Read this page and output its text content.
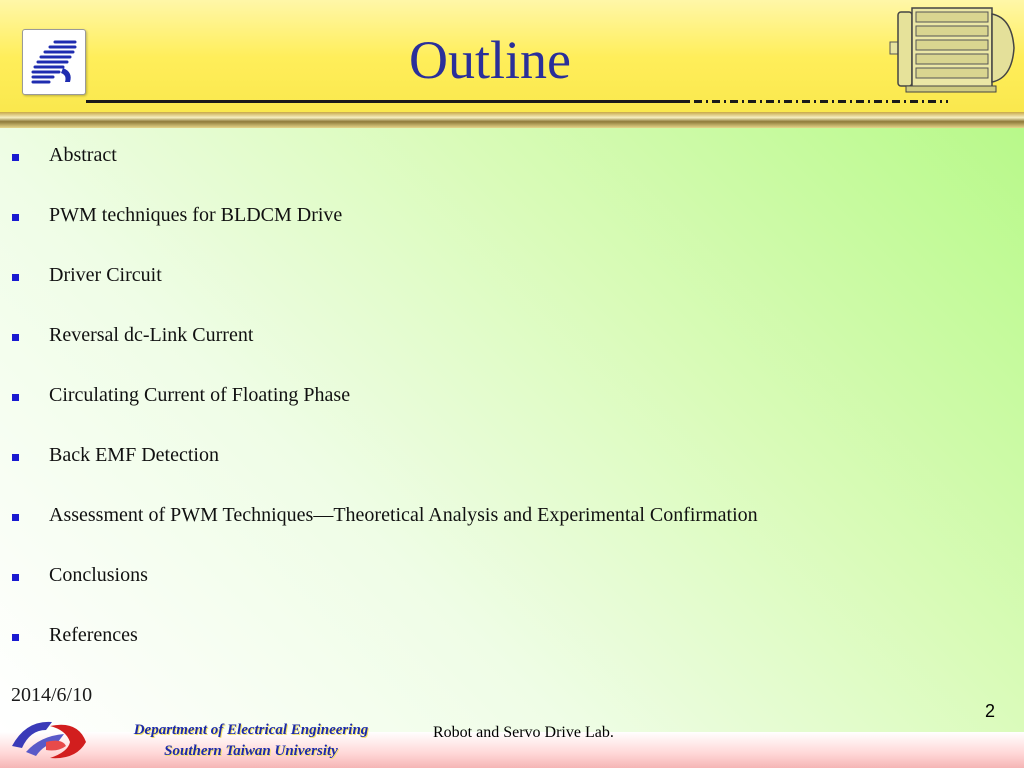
Outline
Abstract
PWM techniques for BLDCM Drive
Driver Circuit
Reversal dc-Link Current
Circulating Current of Floating Phase
Back EMF Detection
Assessment of PWM Techniques—Theoretical Analysis and Experimental Confirmation
Conclusions
References
2014/6/10
2
Department of Electrical Engineering
Southern Taiwan University
Robot and Servo Drive Lab.
